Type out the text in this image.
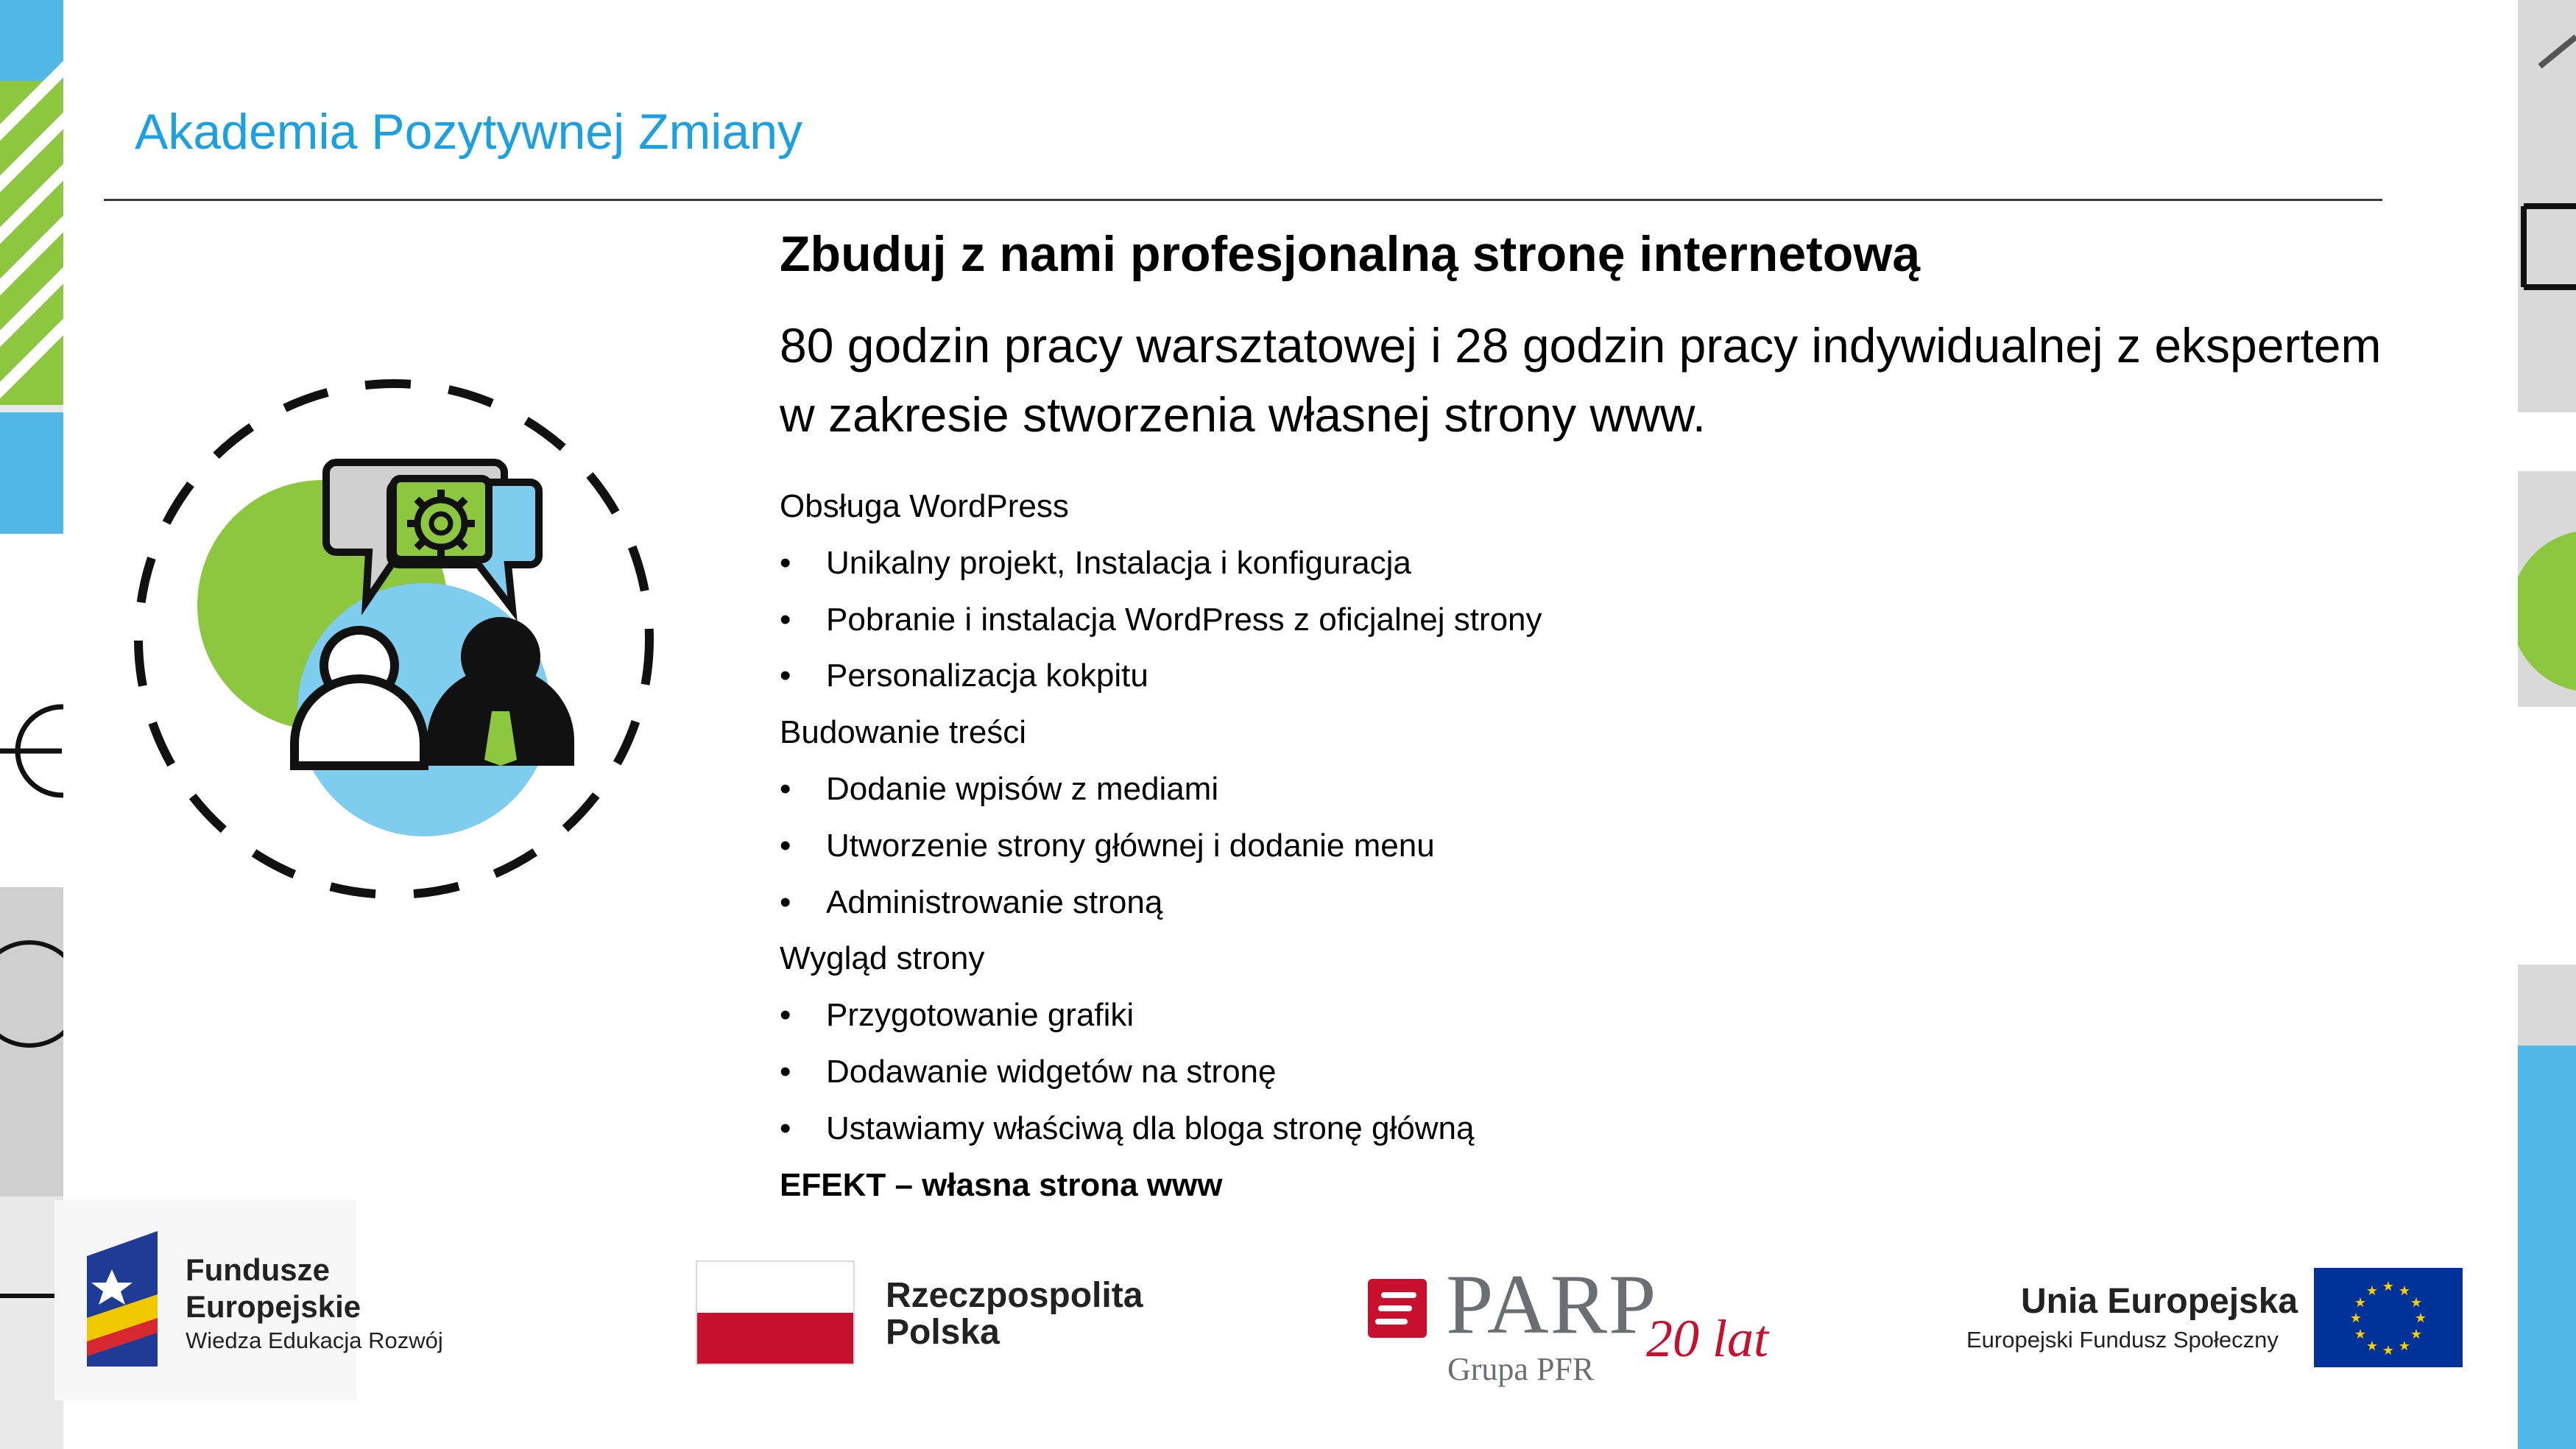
Akademia Pozytywnej Zmiany
Zbuduj z nami profesjonalną stronę internetową
80 godzin pracy warsztatowej i 28 godzin pracy indywidualnej z ekspertem w zakresie stworzenia własnej strony www.
Obsługa WordPress
• Unikalny projekt, Instalacja i konfiguracja
• Pobranie i instalacja WordPress z oficjalnej strony
• Personalizacja kokpitu
Budowanie treści
• Dodanie wpisów z mediami
• Utworzenie strony głównej i dodanie menu
• Administrowanie stroną
Wygląd strony
• Przygotowanie grafiki
• Dodawanie widgetów na stronę
• Ustawiamy właściwą dla bloga stronę główną
EFEKT – własna strona www
Fundusze
Europejskie
Wiedza Edukacja Rozwój
Rzeczpospolita
Polska	PARP
20 lat
Grupa PFR
Unia Europejska
Europejski Fundusz Społeczny
★ ★
★
★
★
★
★
★
★
★
★
★
